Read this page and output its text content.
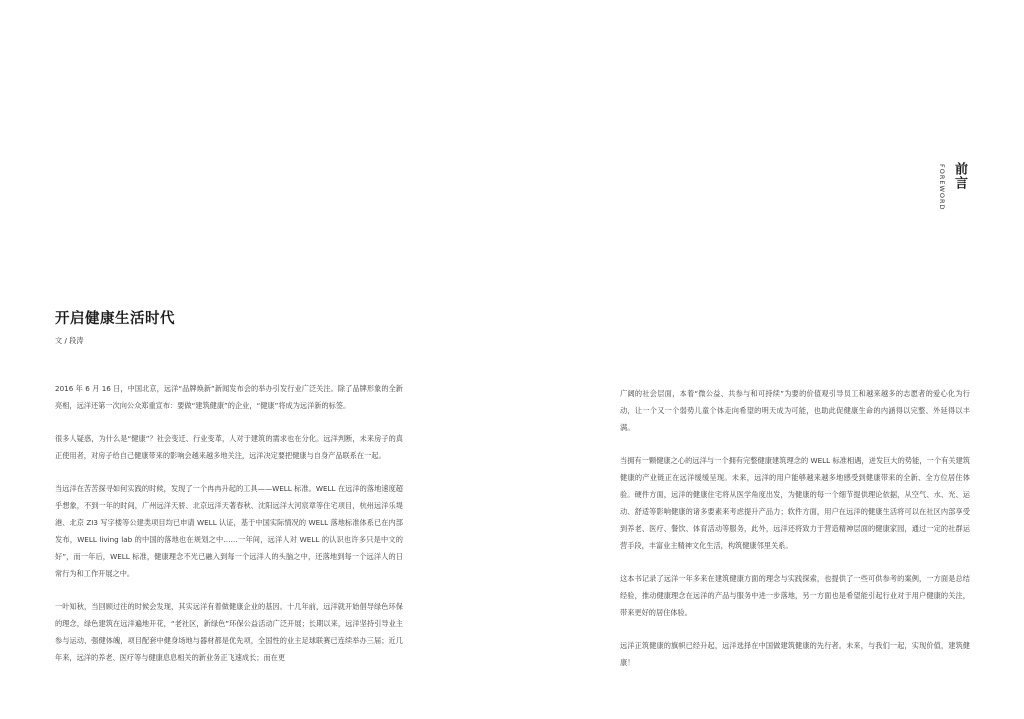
开启健康生活时代
文 / 段涛

2016 年 6 月 16 日，中国北京，远洋“品牌焕新”新闻发布会的举办引发行业广泛关注。除了品牌形象的全新亮相，远洋还第一次向公众郑重宣布：要做“建筑健康”的企业，“健康”将成为远洋新的标签。

很多人疑惑，为什么是“健康”？社会变迁、行业变革，人对于建筑的需求也在分化。远洋判断，未来房子的真正使用者，对房子给自己健康带来的影响会越来越多地关注，远洋决定要把健康与自身产品联系在一起。

当远洋在苦苦探寻如何实践的时候，发现了一个冉冉升起的工具——WELL 标准。WELL 在远洋的落地速度超乎想象，不到一年的时间，广州远洋天骄、北京远洋天著春秋、沈阳远洋大河宸章等住宅项目，杭州远洋乐堤港、北京 ZI3 写字楼等公建类项目均已申请 WELL 认证，基于中国实际情况的 WELL 落地标准体系已在内部发布，WELL living lab 的中国的落地也在规划之中……一年间，远洋人对 WELL 的认识也许多只是中文的好”，而一年后，WELL 标准，健康理念不光已融入到每一个远洋人的头脑之中，还落地到每一个远洋人的日常行为和工作开展之中。

一叶知秋，当回顾过往的时候会发现，其实远洋有着做健康企业的基因。十几年前，远洋就开始倡导绿色环保的理念，绿色建筑在远洋遍地开花，“老社区，新绿色”环保公益活动广泛开展；长期以来，远洋坚持引导业主参与运动、强健体魄，项目配套中健身场地与器材都是优先项，全国性的业主足球联赛已连续举办三届；近几年来，远洋的养老、医疗等与健康息息相关的新业务正飞速成长；而在更

前言
FOREWORD

广阔的社会层面，本着“微公益、共参与和可持续”为要的价值观引导员工和越来越多的志愿者的爱心化为行动，让一个又一个弱势儿童个体走向希望的明天成为可能，也助此促健康生命的内涵得以完整、外延得以丰满。

当拥有一颗健康之心的远洋与一个拥有完整健康建筑理念的 WELL 标准相遇，迸发巨大的势能，一个有关建筑健康的产业链正在远洋缓缓呈现。未来，远洋的用户能够越来越多地感受到健康带来的全新、全方位居住体验。硬件方面，远洋的健康住宅将从医学角度出发，为健康的每一个细节提供理论依据，从空气、水、光、运动、舒适等影响健康的诸多要素来考虑提升产品力；软件方面，用户在远洋的健康生活将可以在社区内部享受到养老、医疗、餐饮、体育活动等服务，此外，远洋还将致力于营造精神层面的健康家园，通过一定的社群运营手段，丰富业主精神文化生活，构筑健康邻里关系。

这本书记录了远洋一年多来在建筑健康方面的理念与实践探索，也提供了一些可供参考的案例，一方面是总结经验，推动健康理念在远洋的产品与服务中进一步落地，另一方面也是希望能引起行业对于用户健康的关注，带来更好的居住体验。

远洋正筑健康的旗帜已经升起，远洋选择在中国做建筑健康的先行者。未来，与我们一起，实现价值，建筑健康！
